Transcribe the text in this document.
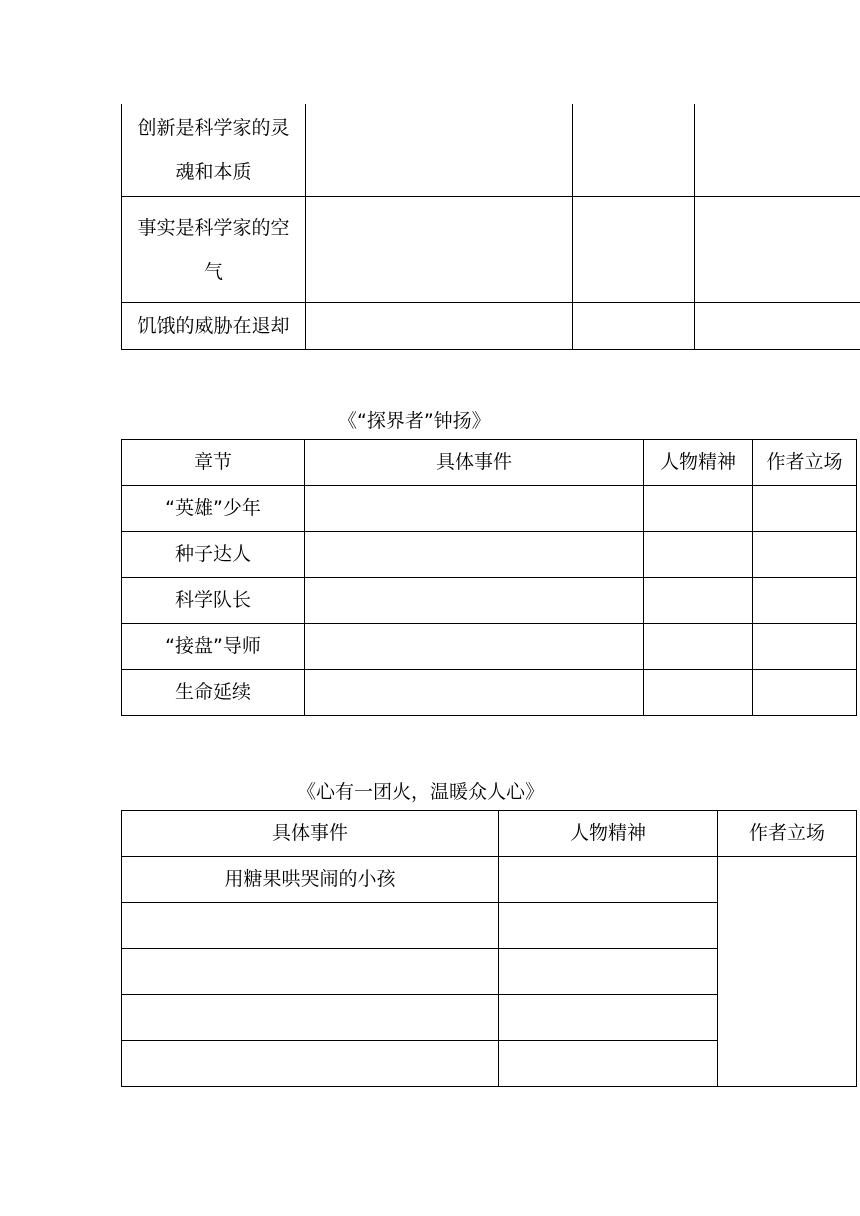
创新是科学家的灵
魂和本质			

事实是科学家的空
气			

饥饿的威胁在退却			
《“探界者”钟扬》
章节	具体事件	人物精神	作者立场
“英雄”少年			
种子达人			
科学队长			
“接盘”导师			
生命延续			
《心有一团火，温暖众人心》
具体事件	人物精神	作者立场
用糖果哄哭闹的小孩		
